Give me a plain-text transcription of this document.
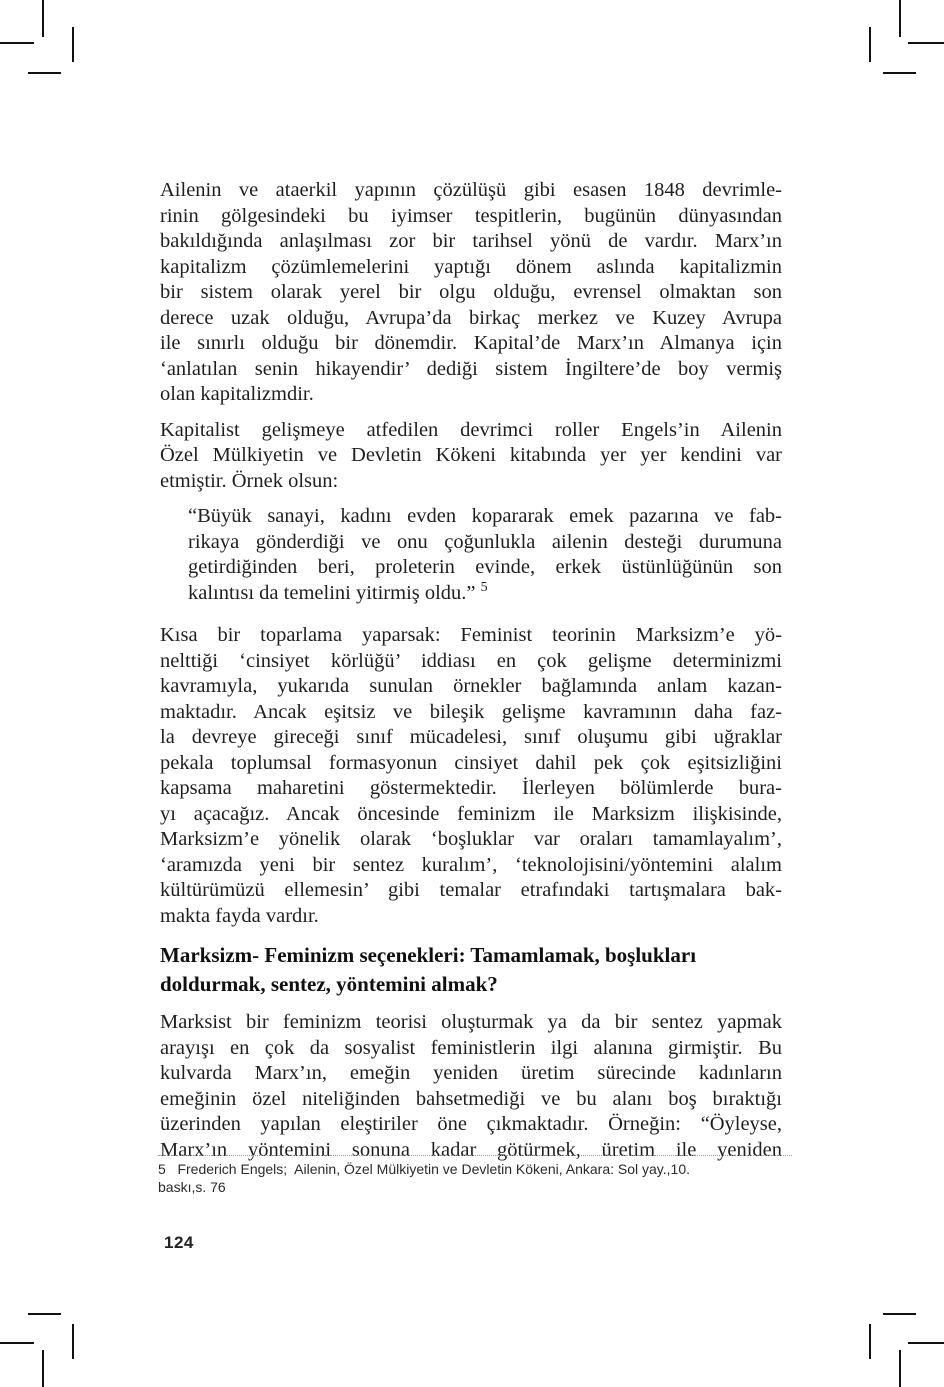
Ailenin ve ataerkil yapının çözülüşü gibi esasen 1848 devrimle-
rinin gölgesindeki bu iyimser tespitlerin, bugünün dünyasından
bakıldığında anlaşılması zor bir tarihsel yönü de vardır. Marx’ın
kapitalizm çözümlemelerini yaptığı dönem aslında kapitalizmin
bir sistem olarak yerel bir olgu olduğu, evrensel olmaktan son
derece uzak olduğu, Avrupa’da birkaç merkez ve Kuzey Avrupa
ile sınırlı olduğu bir dönemdir. Kapital’de Marx’ın Almanya için
‘anlatılan senin hikayendir’ dediği sistem İngiltere’de boy vermiş
olan kapitalizmdir.
Kapitalist gelişmeye atfedilen devrimci roller Engels’in Ailenin
Özel Mülkiyetin ve Devletin Kökeni kitabında yer yer kendini var
etmiştir. Örnek olsun:
“Büyük sanayi, kadını evden kopararak emek pazarına ve fab-
rikaya gönderdiği ve onu çoğunlukla ailenin desteği durumuna
getirdiğinden beri, proleterin evinde, erkek üstünlüğünün son
kalıntısı da temelini yitirmiş oldu.” $^5$
Kısa bir toparlama yaparsak: Feminist teorinin Marksizm’e yö-
nelttiği ‘cinsiyet körlüğü’ iddiası en çok gelişme determinizmi
kavramıyla, yukarıda sunulan örnekler bağlamında anlam kazan-
maktadır. Ancak eşitsiz ve bileşik gelişme kavramının daha faz-
la devreye gireceği sınıf mücadelesi, sınıf oluşumu gibi uğraklar
pekala toplumsal formasyonun cinsiyet dahil pek çok eşitsizliğini
kapsama maharetini göstermektedir. İlerleyen bölümlerde bura-
yı açacağız. Ancak öncesinde feminizm ile Marksizm ilişkisinde,
Marksizm’e yönelik olarak ‘boşluklar var oraları tamamlayalım’,
‘aramızda yeni bir sentez kuralım’, ‘teknolojisini/yöntemini alalım
kültürümüzü ellemesin’ gibi temalar etrafındaki tartışmalara bak-
makta fayda vardır.
Marksizm- Feminizm seçenekleri: Tamamlamak, boşlukları
doldurmak, sentez, yöntemini almak?
Marksist bir feminizm teorisi oluşturmak ya da bir sentez yapmak
arayışı en çok da sosyalist feministlerin ilgi alanına girmiştir. Bu
kulvarda Marx’ın, emeğin yeniden üretim sürecinde kadınların
emeğinin özel niteliğinden bahsetmediği ve bu alanı boş bıraktığı
üzerinden yapılan eleştiriler öne çıkmaktadır. Örneğin: “Öyleyse,
Marx’ın yöntemini sonuna kadar götürmek, üretim ile yeniden
5   Frederich Engels;  Ailenin, Özel Mülkiyetin ve Devletin Kökeni, Ankara: Sol yay.,10.
baskı,s. 76
124
